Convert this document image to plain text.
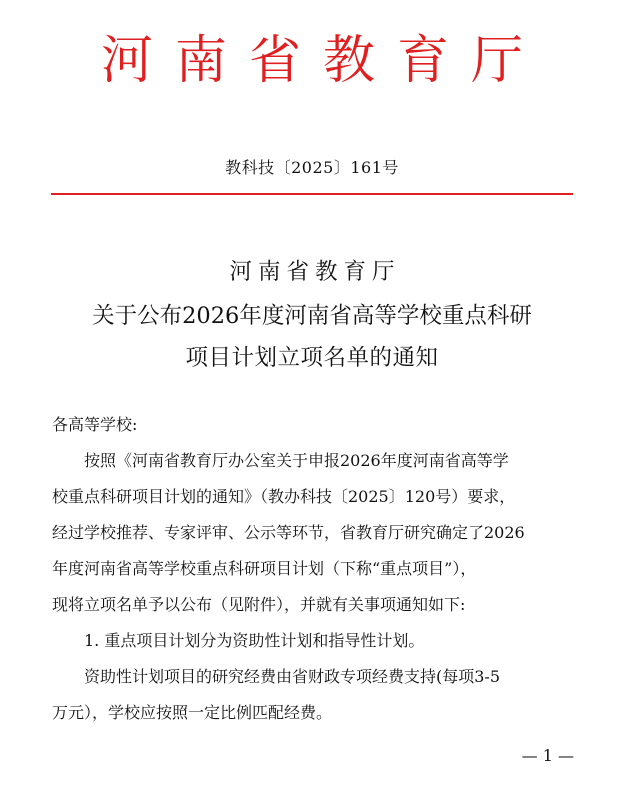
河南省教育厅
教科技〔2025〕161号
河南省教育厅
关于公布2026年度河南省高等学校重点科研
项目计划立项名单的通知
各高等学校:
按照《河南省教育厅办公室关于申报2026年度河南省高等学
校重点科研项目计划的通知》（教办科技〔2025〕120号）要求，
经过学校推荐、专家评审、公示等环节，省教育厅研究确定了2026
年度河南省高等学校重点科研项目计划（下称“重点项目”），
现将立项名单予以公布（见附件），并就有关事项通知如下:
1. 重点项目计划分为资助性计划和指导性计划。
资助性计划项目的研究经费由省财政专项经费支持(每项3-5
万元），学校应按照一定比例匹配经费。
— 1 —
